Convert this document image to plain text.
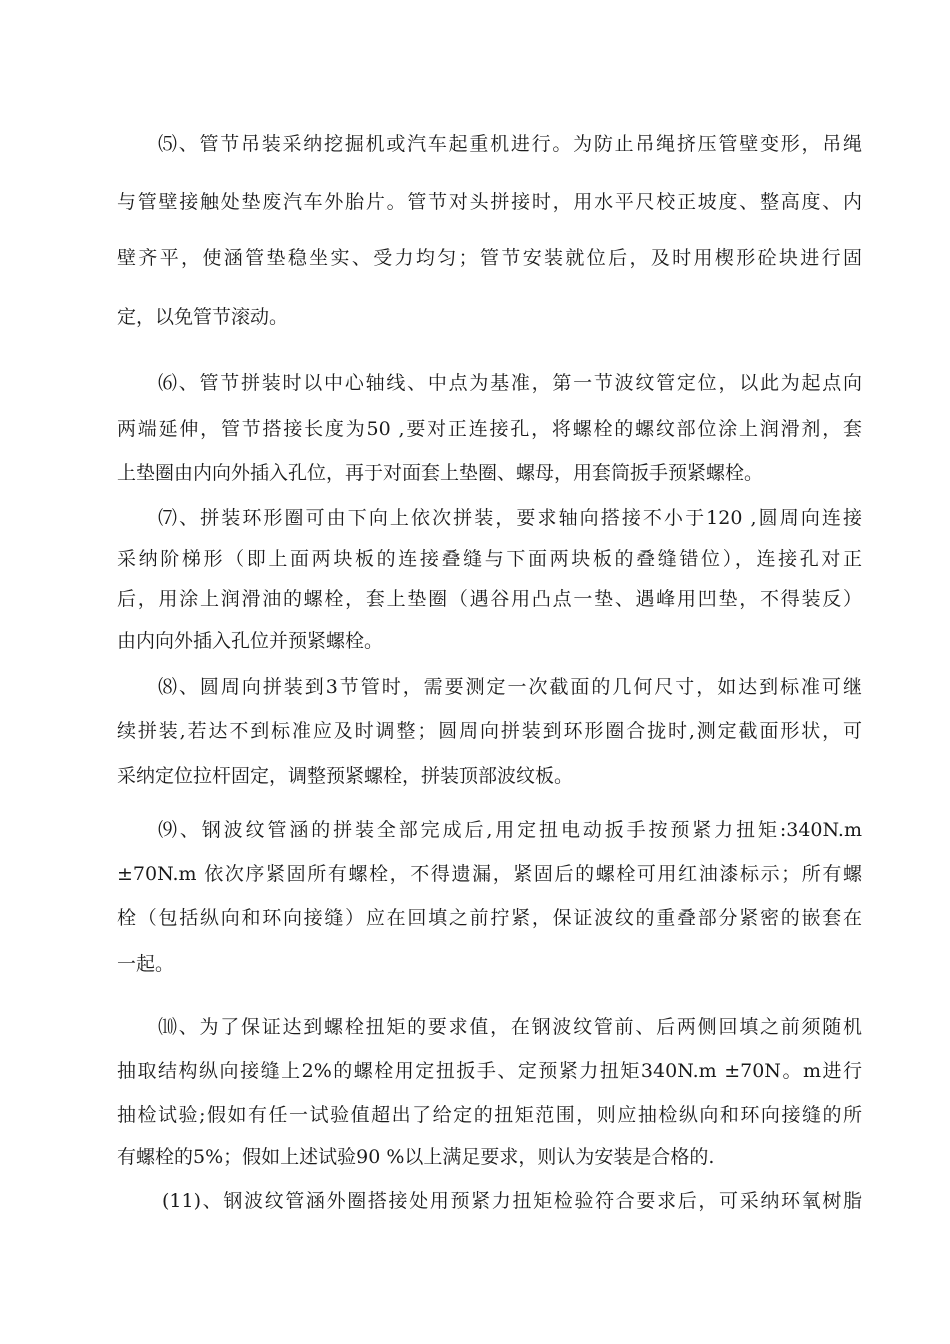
⑸、管节吊装采纳挖掘机或汽车起重机进行。为防止吊绳挤压管壁变形，吊绳
与管壁接触处垫废汽车外胎片。管节对头拼接时，用水平尺校正坡度、整高度、内
壁齐平，使涵管垫稳坐实、受力均匀；管节安装就位后，及时用楔形砼块进行固
定，以免管节滚动。
⑹、管节拼装时以中心轴线、中点为基准，第一节波纹管定位，以此为起点向
两端延伸，管节搭接长度为50 ,要对正连接孔，将螺栓的螺纹部位涂上润滑剂，套
上垫圈由内向外插入孔位，再于对面套上垫圈、螺母，用套筒扳手预紧螺栓。
⑺、拼装环形圈可由下向上依次拼装，要求轴向搭接不小于120 ,圆周向连接
采纳阶梯形（即上面两块板的连接叠缝与下面两块板的叠缝错位），连接孔对正
后，用涂上润滑油的螺栓，套上垫圈（遇谷用凸点一垫、遇峰用凹垫，不得装反）
由内向外插入孔位并预紧螺栓。
⑻、圆周向拼装到3节管时，需要测定一次截面的几何尺寸，如达到标准可继
续拼装,若达不到标准应及时调整；圆周向拼装到环形圈合拢时,测定截面形状，可
采纳定位拉杆固定，调整预紧螺栓，拼装顶部波纹板。
⑼、钢波纹管涵的拼装全部完成后,用定扭电动扳手按预紧力扭矩:340N.m
±70N.m 依次序紧固所有螺栓，不得遗漏，紧固后的螺栓可用红油漆标示；所有螺
栓（包括纵向和环向接缝）应在回填之前拧紧，保证波纹的重叠部分紧密的嵌套在
一起。
⑽、为了保证达到螺栓扭矩的要求值，在钢波纹管前、后两侧回填之前须随机
抽取结构纵向接缝上2%的螺栓用定扭扳手、定预紧力扭矩340N.m ±70N。m进行
抽检试验;假如有任一试验值超出了给定的扭矩范围，则应抽检纵向和环向接缝的所
有螺栓的5%；假如上述试验90 %以上满足要求，则认为安装是合格的.
(11)、钢波纹管涵外圈搭接处用预紧力扭矩检验符合要求后，可采纳环氧树脂
